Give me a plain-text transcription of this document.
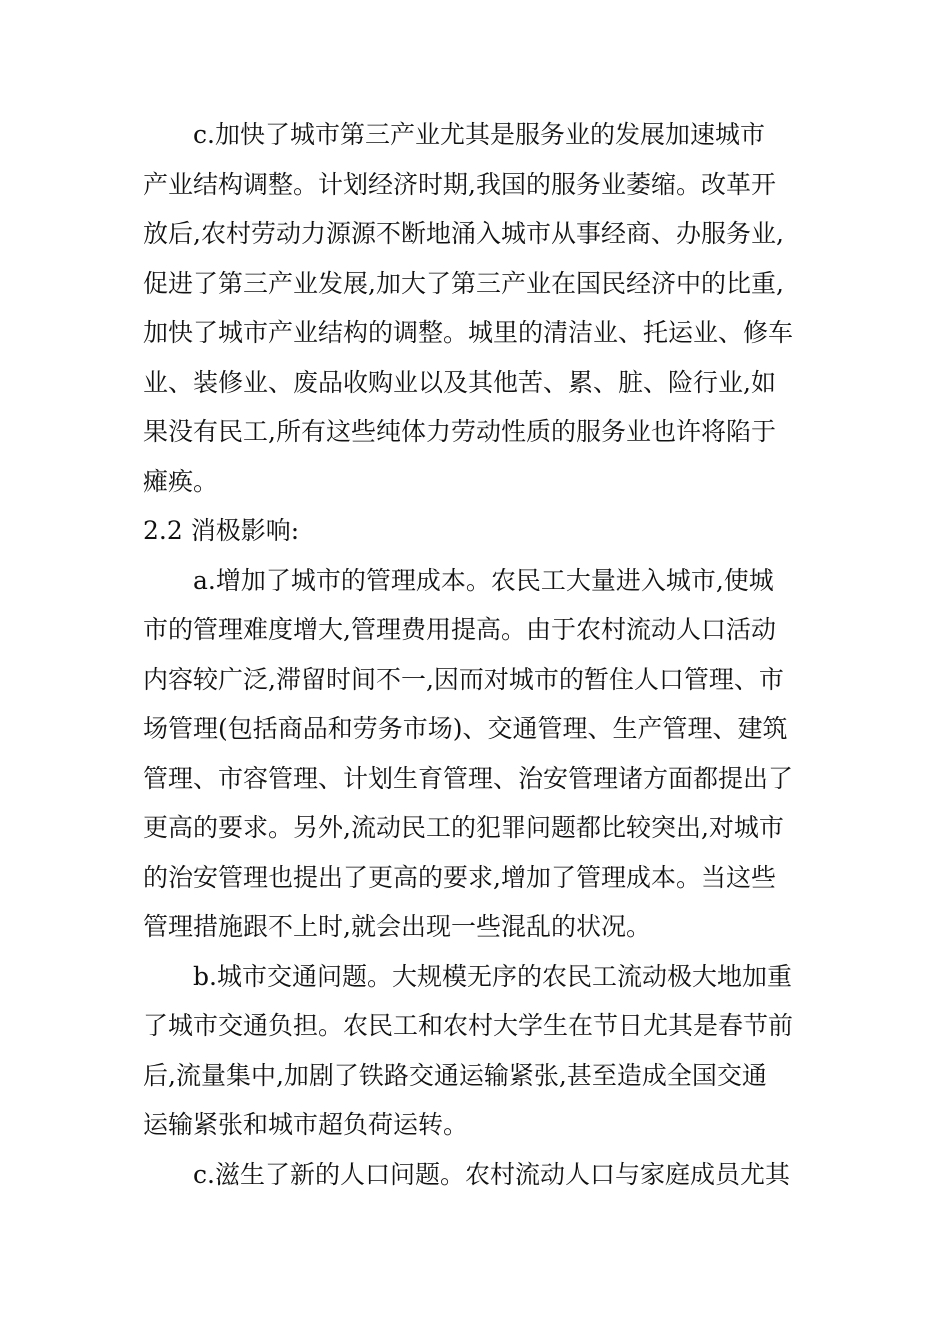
c.加快了城市第三产业尤其是服务业的发展加速城市
产业结构调整。计划经济时期,我国的服务业萎缩。改革开
放后,农村劳动力源源不断地涌入城市从事经商、办服务业,
促进了第三产业发展,加大了第三产业在国民经济中的比重,
加快了城市产业结构的调整。城里的清洁业、托运业、修车
业、装修业、废品收购业以及其他苦、累、脏、险行业,如
果没有民工,所有这些纯体力劳动性质的服务业也许将陷于
瘫痪。
2.2 消极影响:
a.增加了城市的管理成本。农民工大量进入城市,使城
市的管理难度增大,管理费用提高。由于农村流动人口活动
内容较广泛,滞留时间不一,因而对城市的暂住人口管理、市
场管理(包括商品和劳务市场)、交通管理、生产管理、建筑
管理、市容管理、计划生育管理、治安管理诸方面都提出了
更高的要求。另外,流动民工的犯罪问题都比较突出,对城市
的治安管理也提出了更高的要求,增加了管理成本。当这些
管理措施跟不上时,就会出现一些混乱的状况。
b.城市交通问题。大规模无序的农民工流动极大地加重
了城市交通负担。农民工和农村大学生在节日尤其是春节前
后,流量集中,加剧了铁路交通运输紧张,甚至造成全国交通
运输紧张和城市超负荷运转。
c.滋生了新的人口问题。农村流动人口与家庭成员尤其
